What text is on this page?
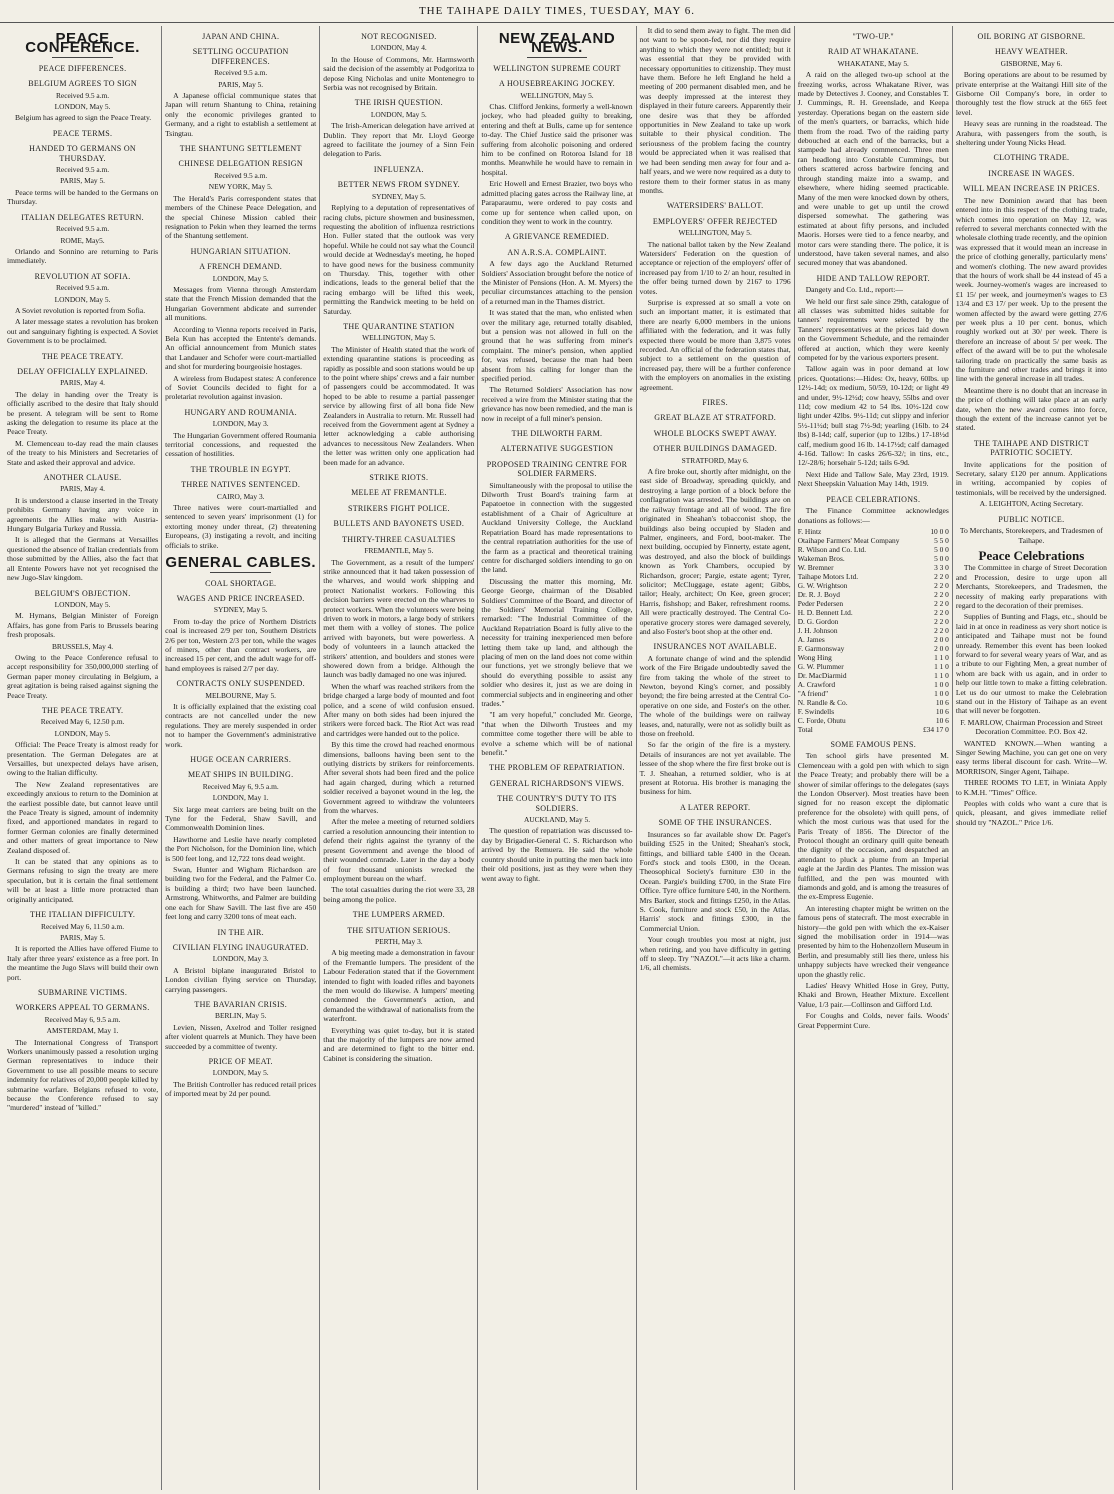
THE TAIHAPE DAILY TIMES, TUESDAY, MAY 6.
PEACE CONFERENCE.
PEACE DIFFERENCES.
BELGIUM AGREES TO SIGN
Received 9.5 a.m.
LONDON, May 5.
Belgium has agreed to sign the Peace Treaty.
PEACE TERMS.
HANDED TO GERMANS ON THURSDAY.
Received 9.5 a.m.
PARIS, May 5.
Peace terms will be handed to the Germans on Thursday.
ITALIAN DELEGATES RETURN.
Received 9.5 a.m.
ROME, May5.
Orlando and Sonnino are returning to Paris immediately.
REVOLUTION AT SOFIA.
Received 9.5 a.m.
LONDON, May 5.
A Soviet revolution is reported from Sofia.
A later message states a revolution has broken out and sanguinary fighting is expected. A Soviet Government is to be proclaimed.
THE PEACE TREATY.
DELAY OFFICIALLY EXPLAINED.
PARIS, May 4.
The delay in handing over the Treaty is officially ascribed to the desire that Italy should be present. A telegram will be sent to Rome asking the delegation to resume its place at the Peace Treaty.
M. Clemenceau to-day read the main clauses of the treaty to his Ministers and Secretaries of State and asked their approval and advice.
ANOTHER CLAUSE.
PARIS, May 4.
It is understood a clause inserted in the Treaty prohibits Germany having any voice in agreements the Allies make with Austria-Hungary Bulgaria Turkey and Russia.
It is alleged that the Germans at Versailles questioned the absence of Italian credentials from those submitted by the Allies, also the fact that all Entente Powers have not yet recognised the new Jugo-Slav kingdom.
BELGIUM'S OBJECTION.
LONDON, May 5.
M. Hymans, Belgian Minister of Foreign Affairs, has gone from Paris to Brussels bearing fresh proposals.
BRUSSELS, May 4.
Owing to the Peace Conference refusal to accept responsibility for 350,000,000 sterling of German paper money circulating in Belgium, a great agitation is being raised against signing the Peace Treaty.
THE PEACE TREATY.
Received May 6, 12.50 p.m.
LONDON, May 5.
Official: The Peace Treaty is almost ready for presentation. The German Delegates are at Versailles, but unexpected delays have arisen, owing to the Italian difficulty.
The New Zealand representatives are exceedingly anxious to return to the Dominion at the earliest possible date, but cannot leave until the Peace Treaty is signed, amount of indemnity fixed, and apportioned mandates in regard to former German colonies are finally determined and other matters of great importance to New Zealand disposed of.
It can be stated that any opinions as to Germans refusing to sign the treaty are mere speculation, but it is certain the final settlement will be at least a little more protracted than originally anticipated.
THE ITALIAN DIFFICULTY.
Received May 6, 11.50 a.m.
PARIS, May 5.
It is reported the Allies have offered Fiume to Italy after three years' existence as a free port. In the meantime the Jugo Slavs will build their own port.
SUBMARINE VICTIMS.
WORKERS APPEAL TO GERMANS.
Received May 6, 9.5 a.m.
AMSTERDAM, May 1.
The International Congress of Transport Workers unanimously passed a resolution urging German representatives to induce their Government to use all possible means to secure indemnity for relatives of 20,000 people killed by submarine warfare. Belgians refused to vote, because the Conference refused to say "murdered" instead of "killed."
JAPAN AND CHINA.
SETTLING OCCUPATION DIFFERENCES.
Received 9.5 a.m.
PARIS, May 5.
A Japanese official communique states that Japan will return Shantung to China, retaining only the economic privileges granted to Germany, and a right to establish a settlement at Tsingtau.
THE SHANTUNG SETTLEMENT
CHINESE DELEGATION RESIGN
Received 9.5 a.m.
NEW YORK, May 5.
The Herald's Paris correspondent states that members of the Chinese Peace Delegation, and the special Chinese Mission cabled their resignation to Pekin when they learned the terms of the Shantung settlement.
HUNGARIAN SITUATION.
A FRENCH DEMAND.
LONDON, May 5.
Messages from Vienna through Amsterdam state that the French Mission demanded that the Hungarian Government abdicate and surrender all munitions.
According to Vienna reports received in Paris, Bela Kun has accepted the Entente's demands. An official announcement from Munich states that Landauer and Schofer were court-martialled and shot for murdering bourgeoisie hostages.
A wireless from Budapest states: A conference of Soviet Councils decided to fight for a proletariat revolution against invasion.
HUNGARY AND ROUMANIA.
LONDON, May 3.
The Hungarian Government offered Roumania territorial concessions, and requested the cessation of hostilities.
THE TROUBLE IN EGYPT.
THREE NATIVES SENTENCED.
CAIRO, May 3.
Three natives were court-martialled and sentenced to seven years' imprisonment (1) for extorting money under threat, (2) threatening Europeans, (3) instigating a revolt, and inciting officials to strike.
GENERAL CABLES.
COAL SHORTAGE.
WAGES AND PRICE INCREASED.
SYDNEY, May 5.
From to-day the price of Northern Districts coal is increased 2/9 per ton, Southern Districts 2/6 per ton, Western 2/3 per ton, while the wages of miners, other than contract workers, are increased 15 per cent, and the adult wage for off-hand employees is raised 2/7 per day.
CONTRACTS ONLY SUSPENDED.
MELBOURNE, May 5.
It is officially explained that the existing coal contracts are not cancelled under the new regulations. They are merely suspended in order not to hamper the Government's administrative work.
HUGE OCEAN CARRIERS.
MEAT SHIPS IN BUILDING.
Received May 6, 9.5 a.m.
LONDON, May 1.
Six large meat carriers are being built on the Tyne for the Federal, Shaw Savill, and Commonwealth Dominion lines.
Hawthorne and Leslie have nearly completed the Port Nicholson, for the Dominion line, which is 500 feet long, and 12,722 tons dead weight.
Swan, Hunter and Wigham Richardson are building two for the Federal, and the Palmer Co. is building a third; two have been launched. Armstrong, Whitworths, and Palmer are building one each for Shaw Savill. The last five are 450 feet long and carry 3200 tons of meat each.
IN THE AIR.
CIVILIAN FLYING INAUGURATED.
LONDON, May 3.
A Bristol biplane inaugurated Bristol to London civilian flying service on Thursday, carrying passengers.
THE BAVARIAN CRISIS.
BERLIN, May 5.
Levien, Nissen, Axelrod and Toller resigned after violent quarrels at Munich. They have been succeeded by a committee of twenty.
PRICE OF MEAT.
LONDON, May 5.
The British Controller has reduced retail prices of imported meat by 2d per pound.
NOT RECOGNISED.
LONDON, May 4.
In the House of Commons, Mr. Harmsworth said the decision of the assembly at Podgoritza to depose King Nicholas and unite Montenegro to Serbia was not recognised by Britain.
THE IRISH QUESTION.
LONDON, May 5.
The Irish-American delegation have arrived at Dublin. They report that Mr. Lloyd George agreed to facilitate the journey of a Sinn Fein delegation to Paris.
INFLUENZA.
BETTER NEWS FROM SYDNEY.
SYDNEY, May 5.
Replying to a deputation of representatives of racing clubs, picture showmen and businessmen, requesting the abolition of influenza restrictions Hon. Fuller stated that the outlook was very hopeful. While he could not say what the Council would decide at Wednesday's meeting, he hoped to have good news for the business community on Thursday. This, together with other indications, leads to the general belief that the racing embargo will be lifted this week, permitting the Randwick meeting to be held on Saturday.
THE QUARANTINE STATION
WELLINGTON, May 5.
The Minister of Health stated that the work of extending quarantine stations is proceeding as rapidly as possible and soon stations would be up to the point where ships' crews and a fair number of passengers could be accommodated. It was hoped to be able to resume a partial passenger service by allowing first of all bona fide New Zealanders in Australia to return. Mr. Russell had received from the Government agent at Sydney a letter acknowledging a cable authorising advances to necessitous New Zealanders. When the letter was written only one application had been made for an advance.
STRIKE RIOTS.
MELEE AT FREMANTLE.
STRIKERS FIGHT POLICE.
BULLETS AND BAYONETS USED.
THIRTY-THREE CASUALTIES
FREMANTLE, May 5.
The Government, as a result of the lumpers' strike announced that it had taken possession of the wharves, and would work shipping and protect Nationalist workers. Following this decision barriers were erected on the wharves to protect workers. When the volunteers were being driven to work in motors, a large body of strikers met them with a volley of stones. The police arrived with bayonets, but were powerless. A body of volunteers in a launch attacked the strikers' attention, and boulders and stones were showered down from a bridge. Although the launch was badly damaged no one was injured.
When the wharf was reached strikers from the bridge charged a large body of mounted and foot police, and a scene of wild confusion ensued. After many on both sides had been injured the strikers were forced back. The Riot Act was read and cartridges were handed out to the police.
By this time the crowd had reached enormous dimensions, balloons having been sent to the outlying districts by strikers for reinforcements. After several shots had been fired and the police had again charged, during which a returned soldier received a bayonet wound in the leg, the Government agreed to withdraw the volunteers from the wharves.
After the melee a meeting of returned soldiers carried a resolution announcing their intention to defend their rights against the tyranny of the present Government and avenge the blood of their wounded comrade. Later in the day a body of four thousand unionists wrecked the employment bureau on the wharf.
The total casualties during the riot were 33, 28 being among the police.
THE LUMPERS ARMED.
THE SITUATION SERIOUS.
PERTH, May 3.
A big meeting made a demonstration in favour of the Fremantle lumpers. The president of the Labour Federation stated that if the Government intended to fight with loaded rifles and bayonets the men would do likewise. A lumpers' meeting condemned the Government's action, and demanded the withdrawal of nationalists from the waterfront.
Everything was quiet to-day, but it is stated that the majority of the lumpers are now armed and are determined to fight to the bitter end. Cabinet is considering the situation.
NEW ZEALAND NEWS.
WELLINGTON SUPREME COURT
A HOUSEBREAKING JOCKEY.
WELLINGTON, May 5.
Chas. Clifford Jenkins, formerly a well-known jockey, who had pleaded guilty to breaking, entering and theft at Bulls, came up for sentence to-day. The Chief Justice said the prisoner was suffering from alcoholic poisoning and ordered him to be confined on Rotoroa Island for 18 months. Meanwhile he would have to remain in hospital.
Eric Howell and Ernest Brazier, two boys who admitted placing gates across the Railway line, at Paraparaumu, were ordered to pay costs and come up for sentence when called upon, on condition they went to work in the country.
A GRIEVANCE REMEDIED.
AN A.R.S.A. COMPLAINT.
A few days ago the Auckland Returned Soldiers' Association brought before the notice of the Minister of Pensions (Hon. A. M. Myers) the peculiar circumstances attaching to the pension of a returned man in the Thames district.
It was stated that the man, who enlisted when over the military age, returned totally disabled, but a pension was not allowed in full on the ground that he was suffering from miner's complaint. The miner's pension, when applied for, was refused, because the man had been absent from his calling for longer than the specified period.
The Returned Soldiers' Association has now received a wire from the Minister stating that the grievance has now been remedied, and the man is now in receipt of a full miner's pension.
THE DILWORTH FARM.
ALTERNATIVE SUGGESTION
PROPOSED TRAINING CENTRE FOR SOLDIER FARMERS.
Simultaneously with the proposal to utilise the Dilworth Trust Board's training farm at Papatoetoe in connection with the suggested establishment of a Chair of Agriculture at Auckland University College, the Auckland Repatriation Board has made representations to the central repatriation authorities for the use of the farm as a practical and theoretical training centre for discharged soldiers intending to go on the land.
Discussing the matter this morning, Mr. George George, chairman of the Disabled Soldiers' Committee of the Board, and director of the Soldiers' Memorial Training College, remarked: "The Industrial Committee of the Auckland Repatriation Board is fully alive to the necessity for training inexperienced men before letting them take up land, and although the placing of men on the land does not come within our functions, yet we strongly believe that we should do everything possible to assist any soldier who desires it, just as we are doing in commercial subjects and in engineering and other trades."
"I am very hopeful," concluded Mr. George, "that when the Dilworth Trustees and my committee come together there will be able to evolve a scheme which will be of national benefit."
THE PROBLEM OF REPATRIATION.
GENERAL RICHARDSON'S VIEWS.
THE COUNTRY'S DUTY TO ITS SOLDIERS.
AUCKLAND, May 5.
The question of repatriation was discussed to-day by Brigadier-General C. S. Richardson who arrived by the Remuera. He said the whole country should unite in putting the men back into their old positions, just as they were when they went away to fight.
It did to send them away to fight. The men did not want to be spoon-fed, nor did they require anything to which they were not entitled; but it was essential that they be provided with necessary opportunities to citizenship. They must have them. Before he left England he held a meeting of 200 permanent disabled men, and he was deeply impressed at the interest they displayed in their future careers. Apparently their one desire was that they be afforded opportunities in New Zealand to take up work suitable to their physical condition. The seriousness of the problem facing the country would be appreciated when it was realised that we had been sending men away for four and a-half years, and we were now required as a duty to restore them to their former status in as many months.
WATERSIDERS' BALLOT.
EMPLOYERS' OFFER REJECTED
WELLINGTON, May 5.
The national ballot taken by the New Zealand Watersiders' Federation on the question of acceptance or rejection of the employers' offer of increased pay from 1/10 to 2/ an hour, resulted in the offer being turned down by 2167 to 1796 votes.
Surprise is expressed at so small a vote on such an important matter, it is estimated that there are nearly 6,000 members in the unions affiliated with the federation, and it was fully expected there would be more than 3,875 votes recorded. An official of the federation states that, subject to a settlement on the question of increased pay, there will be a further conference with the employers on anomalies in the existing agreement.
FIRES.
GREAT BLAZE AT STRATFORD.
WHOLE BLOCKS SWEPT AWAY.
OTHER BUILDINGS DAMAGED.
STRATFORD, May 6.
A fire broke out, shortly after midnight, on the east side of Broadway, spreading quickly, and destroying a large portion of a block before the conflagration was arrested. The buildings are on the railway frontage and all of wood. The fire originated in Sheahan's tobacconist shop, the buildings also being occupied by Sladen and Palmer, engineers, and Ford, boot-maker. The next building, occupied by Finnerty, estate agent, was destroyed, and also the block of buildings known as York Chambers, occupied by Richardson, grocer; Pargie, estate agent; Tyrer, solicitor; McCluggage, estate agent; Gibbs, tailor; Healy, architect; On Kee, green grocer; Harris, fishshop; and Baker, refreshment rooms. All were practically destroyed. The Central Co-operative grocery stores were damaged severely, and also Foster's boot shop at the other end.
INSURANCES NOT AVAILABLE.
A fortunate change of wind and the splendid work of the Fire Brigade undoubtedly saved the fire from taking the whole of the street to Newton, beyond King's corner, and possibly beyond; the fire being arrested at the Central Co-operative on one side, and Foster's on the other. The whole of the buildings were on railway leases, and, naturally, were not as solidly built as those on freehold.
So far the origin of the fire is a mystery. Details of insurances are not yet available. The lessee of the shop where the fire first broke out is T. J. Sheahan, a returned soldier, who is at present at Rotorua. His brother is managing the business for him.
A LATER REPORT.
SOME OF THE INSURANCES.
Insurances so far available show Dr. Paget's building £525 in the United; Sheahan's stock, fittings, and billiard table £400 in the Ocean. Ford's stock and tools £300, in the Ocean. Theosophical Society's furniture £30 in the Ocean. Pargie's building £700, in the State Fire Office. Tyre office furniture £40, in the Northern. Mrs Barker, stock and fittings £250, in the Atlas. S. Cook, furniture and stock £50, in the Atlas. Harris' stock and fittings £300, in the Commercial Union.
Your cough troubles you most at night, just when retiring, and you have difficulty in getting off to sleep. Try "NAZOL"—it acts like a charm. 1/6, all chemists.
"TWO-UP."
RAID AT WHAKATANE.
WHAKATANE, May 5.
A raid on the alleged two-up school at the freezing works, across Whakatane River, was made by Detectives J. Cooney, and Constables T. J. Cummings, R. H. Greenslade, and Keepa yesterday. Operations began on the eastern side of the men's quarters, or barracks, which hide them from the road. Two of the raiding party debouched at each end of the barracks, but a stampede had already commenced. Three men ran headlong into Constable Cummings, but others scattered across barbwire fencing and through standing maize into a swamp, and elsewhere, where hiding seemed practicable. Many of the men were knocked down by others, and were unable to get up until the crowd dispersed somewhat. The gathering was estimated at about fifty persons, and included Maoris. Horses were tied to a fence nearby, and motor cars were standing there. The police, it is understood, have taken several names, and also secured money that was abandoned.
HIDE AND TALLOW REPORT.
Dangety and Co. Ltd., report:—
We held our first sale since 29th, catalogue of all classes was submitted hides suitable for tanners' requirements were selected by the Tanners' representatives at the prices laid down on the Government Schedule, and the remainder offered at auction, which they were keenly competed for by the various exporters present.
Tallow again was in poor demand at low prices. Quotations:—Hides: Ox, heavy, 60lbs. up 12½-14d; ox medium, 50/59, 10-12d; or light 49 and under, 9½-12½d; cow heavy, 55lbs and over 11d; cow medium 42 to 54 lbs. 10½-12d cow light under 42lbs. 9½-11d; cut slippy and inferior 5½-11½d; bull stag 7½-9d; yearling (16lb. to 24 lbs) 8-14d; calf, superior (up to 12lbs.) 17-18½d calf, medium good 16 lb. 14-17½d; calf damaged 4-16d. Tallow: In casks 26/6-32/; in tins, etc., 12/-28/6; horsehair 5-12d; tails 6-9d.
Next Hide and Tallow Sale, May 23rd, 1919. Next Sheepskin Valuation May 14th, 1919.
PEACE CELEBRATIONS.
The Finance Committee acknowledges donations as follows:—
F. Hintz	10 0 0
Otaihape Farmers' Meat Company	5 5 0
R. Wilson and Co. Ltd.	5 0 0
Wakeman Bros.	5 0 0
W. Bremner	3 3 0
Taihape Motors Ltd.	2 2 0
G. W. Wrightson	2 2 0
Dr. R. J. Boyd	2 2 0
Peder Pedersen	2 2 0
H. D. Bennett Ltd.	2 2 0
D. G. Gordon	2 2 0
J. H. Johnson	2 2 0
A. James	2 0 0
F. Garmonsway	2 0 0
Wong Hing	1 1 0
G. W. Plummer	1 1 0
Dr. MacDiarmid	1 1 0
A. Crawford	1 0 0
"A friend"	1 0 0
N. Randle & Co.	10 6
F. Swindells	10 6
C. Forde, Ohutu	10 6
Total	£34 17 0
SOME FAMOUS PENS.
Ten school girls have presented M. Clemenceau with a gold pen with which to sign the Peace Treaty; and probably there will be a shower of similar offerings to the delegates (says the London Observer). Most treaties have been signed for no reason except the diplomatic preference for the obsolete) with quill pens, of which the most curious was that used for the Paris Treaty of 1856. The Director of the Protocol thought an ordinary quill quite beneath the dignity of the occasion, and despatched an attendant to pluck a plume from an Imperial eagle at the Jardin des Plantes. The mission was fulfilled, and the pen was mounted with diamonds and gold, and is among the treasures of the ex-Empress Eugenie.
An interesting chapter might be written on the famous pens of statecraft. The most execrable in history—the gold pen with which the ex-Kaiser signed the mobilisation order in 1914—was presented by him to the Hohenzollern Museum in Berlin, and presumably still lies there, unless his unhappy subjects have wrecked their vengeance upon the ghastly relic.
Ladies' Heavy Whitled Hose in Grey, Putty, Khaki and Brown, Heather Mixture. Excellent Value, 1/3 pair.—Collinson and Gifford Ltd.
For Coughs and Colds, never fails. Woods' Great Peppermint Cure.
OIL BORING AT GISBORNE.
HEAVY WEATHER.
GISBORNE, May 6.
Boring operations are about to be resumed by private enterprise at the Waitangi Hill site of the Gisborne Oil Company's bore, in order to thoroughly test the flow struck at the 665 feet level.
Heavy seas are running in the roadstead. The Arahura, with passengers from the south, is sheltering under Young Nicks Head.
CLOTHING TRADE.
INCREASE IN WAGES.
WILL MEAN INCREASE IN PRICES.
The new Dominion award that has been entered into in this respect of the clothing trade, which comes into operation on May 12, was referred to several merchants connected with the wholesale clothing trade recently, and the opinion was expressed that it would mean an increase in the price of clothing generally, particularly mens' and women's clothing. The new award provides that the hours of work shall be 44 instead of 45 a week. Journey-women's wages are increased to £1 15/ per week, and journeymen's wages to £3 13/4 and £3 17/ per week. Up to the present the women affected by the award were getting 27/6 per week plus a 10 per cent. bonus, which roughly worked out at 30/ per week. There is therefore an increase of about 5/ per week. The effect of the award will be to put the wholesale tailoring trade on practically the same basis as the furniture and other trades and brings it into line with the general increase in all trades.
Meantime there is no doubt that an increase in the price of clothing will take place at an early date, when the new award comes into force, though the extent of the increase cannot yet be stated.
THE TAIHAPE AND DISTRICT PATRIOTIC SOCIETY.
Invite applications for the position of Secretary, salary £120 per annum. Applications in writing, accompanied by copies of testimonials, will be received by the undersigned.
A. LEIGHTON, Acting Secretary.
PUBLIC NOTICE.
To Merchants, Storekeepers, and Tradesmen of Taihape.
Peace Celebrations
The Committee in charge of Street Decoration and Procession, desire to urge upon all Merchants, Storekeepers, and Tradesmen, the necessity of making early preparations with regard to the decoration of their premises.
Supplies of Bunting and Flags, etc., should be laid in at once in readiness as very short notice is anticipated and Taihape must not be found unready. Remember this event has been looked forward to for several weary years of War, and as a tribute to our Fighting Men, a great number of whom are back with us again, and in order to help our little town to make a fitting celebration. Let us do our utmost to make the Celebration stand out in the History of Taihape as an event that will never be forgotten.
F. MARLOW, Chairman Procession and Street Decoration Committee. P.O. Box 42.
WANTED KNOWN.—When wanting a Singer Sewing Machine, you can get one on very easy terms liberal discount for cash. Write—W. MORRISON, Singer Agent, Taihape.
THREE ROOMS TO LET, in Winiata Apply to K.M.H. "Times" Office.
Peoples with colds who want a cure that is quick, pleasant, and gives immediate relief should try "NAZOL." Price 1/6.
